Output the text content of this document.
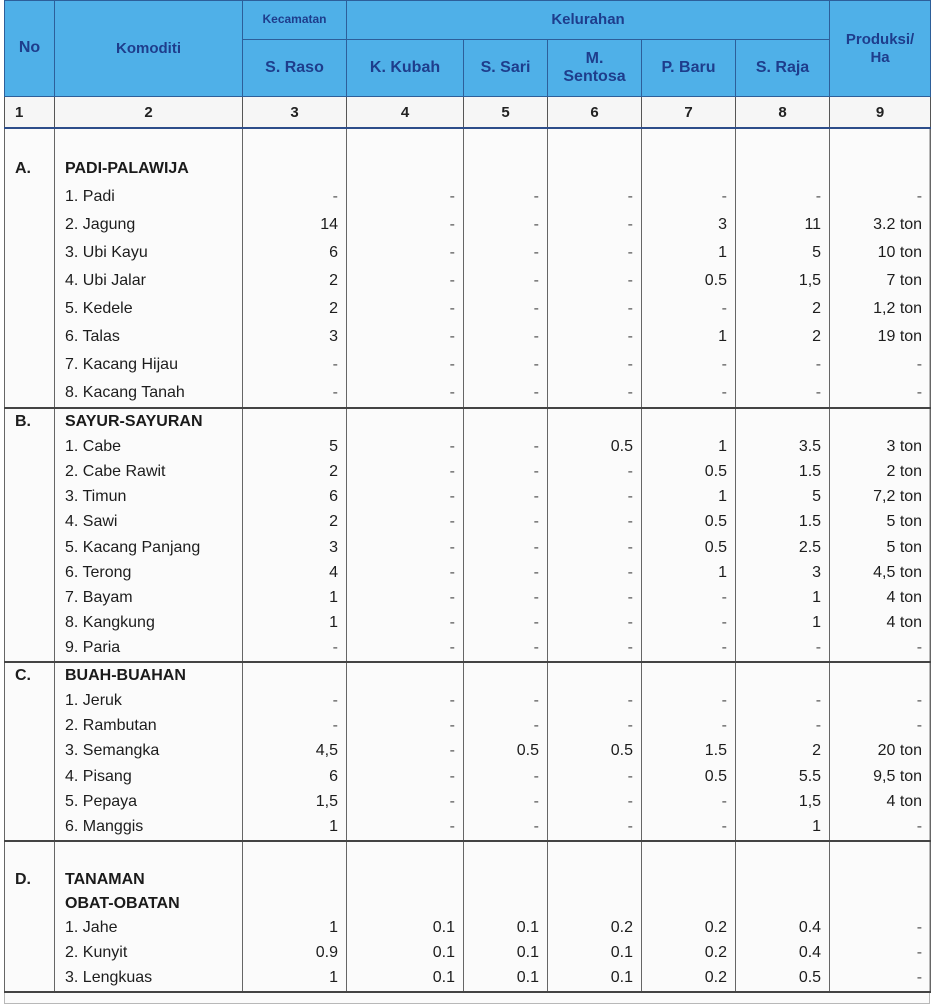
No	Komoditi	Kecamatan	Kelurahan					Produksi/
Ha
		S. Raso	K. Kubah	S. Sari	M.
Sentosa	P. Baru	S. Raja	
1	2	3	4	5	6	7	8	9

A.	PADI-PALAWIJA							
	1. Padi	-	-	-	-	-	-	-
	2. Jagung	14	-	-	-	3	11	3.2 ton
	3. Ubi Kayu	6	-	-	-	1	5	10 ton
	4. Ubi Jalar	2	-	-	-	0.5	1,5	7 ton
	5. Kedele	2	-	-	-	-	2	1,2 ton
	6. Talas	3	-	-	-	1	2	19 ton
	7. Kacang Hijau	-	-	-	-	-	-	-
	8. Kacang Tanah	-	-	-	-	-	-	-
B.	SAYUR-SAYURAN							
	1. Cabe	5	-	-	0.5	1	3.5	3 ton
	2. Cabe Rawit	2	-	-	-	0.5	1.5	2 ton
	3. Timun	6	-	-	-	1	5	7,2 ton
	4. Sawi	2	-	-	-	0.5	1.5	5 ton
	5. Kacang Panjang	3	-	-	-	0.5	2.5	5 ton
	6. Terong	4	-	-	-	1	3	4,5 ton
	7. Bayam	1	-	-	-	-	1	4 ton
	8. Kangkung	1	-	-	-	-	1	4 ton
	9. Paria	-	-	-	-	-	-	-
C.	BUAH-BUAHAN							
	1. Jeruk	-	-	-	-	-	-	-
	2. Rambutan	-	-	-	-	-	-	-
	3. Semangka	4,5	-	0.5	0.5	1.5	2	20 ton
	4. Pisang	6	-	-	-	0.5	5.5	9,5 ton
	5. Pepaya	1,5	-	-	-	-	1,5	4 ton
	6. Manggis	1	-	-	-	-	1	-

D.	TANAMAN							
	OBAT-OBATAN							
	1. Jahe	1	0.1	0.1	0.2	0.2	0.4	-
	2. Kunyit	0.9	0.1	0.1	0.1	0.2	0.4	-
	3. Lengkuas	1	0.1	0.1	0.1	0.2	0.5	-
